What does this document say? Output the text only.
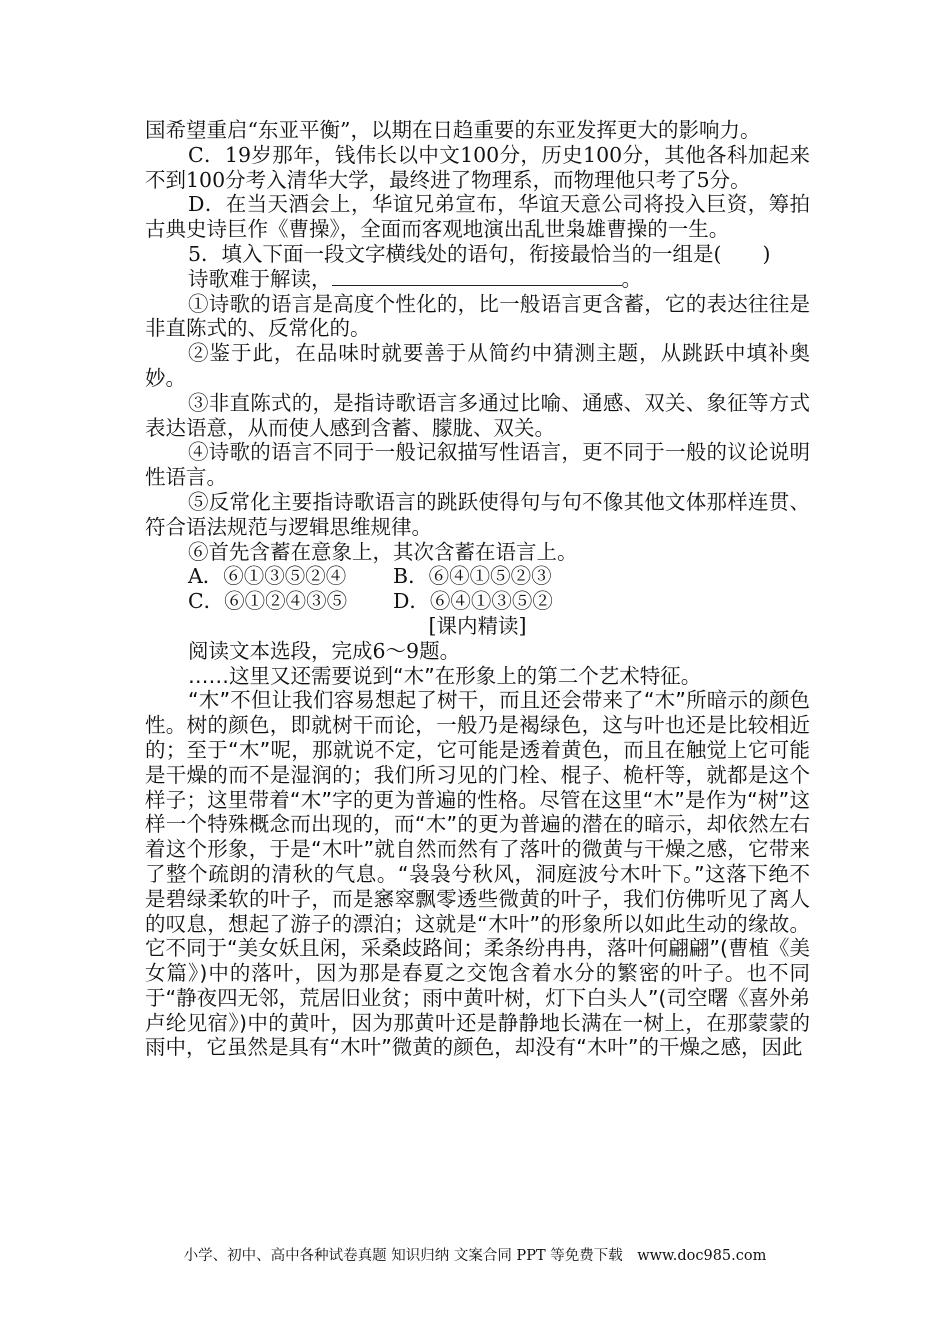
国希望重启“东亚平衡”，以期在日趋重要的东亚发挥更大的影响力。

C．19岁那年，钱伟长以中文100分，历史100分，其他各科加起来不到100分考入清华大学，最终进了物理系，而物理他只考了5分。

D．在当天酒会上，华谊兄弟宣布，华谊天意公司将投入巨资，筹拍古典史诗巨作《曹操》，全面而客观地演出乱世枭雄曹操的一生。

5．填入下面一段文字横线处的语句，衔接最恰当的一组是(　　)

诗歌难于解读，	。

①诗歌的语言是高度个性化的，比一般语言更含蓄，它的表达往往是非直陈式的、反常化的。

②鉴于此，在品味时就要善于从简约中猜测主题，从跳跃中填补奥妙。

③非直陈式的，是指诗歌语言多通过比喻、通感、双关、象征等方式表达语意，从而使人感到含蓄、朦胧、双关。

④诗歌的语言不同于一般记叙描写性语言，更不同于一般的议论说明性语言。

⑤反常化主要指诗歌语言的跳跃使得句与句不像其他文体那样连贯、符合语法规范与逻辑思维规律。

⑥首先含蓄在意象上，其次含蓄在语言上。

A．⑥①③⑤②④ B．⑥④①⑤②③

C．⑥①②④③⑤ D．⑥④①③⑤②

[课内精读]

阅读文本选段，完成6～9题。

……这里又还需要说到“木”在形象上的第二个艺术特征。

“木”不但让我们容易想起了树干，而且还会带来了“木”所暗示的颜色性。树的颜色，即就树干而论，一般乃是褐绿色，这与叶也还是比较相近的；至于“木”呢，那就说不定，它可能是透着黄色，而且在触觉上它可能是干燥的而不是湿润的；我们所习见的门栓、棍子、桅杆等，就都是这个样子；这里带着“木”字的更为普遍的性格。尽管在这里“木”是作为“树”这样一个特殊概念而出现的，而“木”的更为普遍的潜在的暗示，却依然左右着这个形象，于是“木叶”就自然而然有了落叶的微黄与干燥之感，它带来了整个疏朗的清秋的气息。“袅袅兮秋风，洞庭波兮木叶下。”这落下绝不是碧绿柔软的叶子，而是窸窣飘零透些微黄的叶子，我们仿佛听见了离人的叹息，想起了游子的漂泊；这就是“木叶”的形象所以如此生动的缘故。它不同于“美女妖且闲，采桑歧路间；柔条纷冉冉，落叶何翩翩”(曹植《美女篇》)中的落叶，因为那是春夏之交饱含着水分的繁密的叶子。也不同于“静夜四无邻，荒居旧业贫；雨中黄叶树，灯下白头人”(司空曙《喜外弟卢纶见宿》)中的黄叶，因为那黄叶还是静静地长满在一树上，在那蒙蒙的雨中，它虽然是具有“木叶”微黄的颜色，却没有“木叶”的干燥之感，因此

小学、初中、高中各种试卷真题 知识归纳 文案合同 PPT 等免费下载　www.doc985.com
